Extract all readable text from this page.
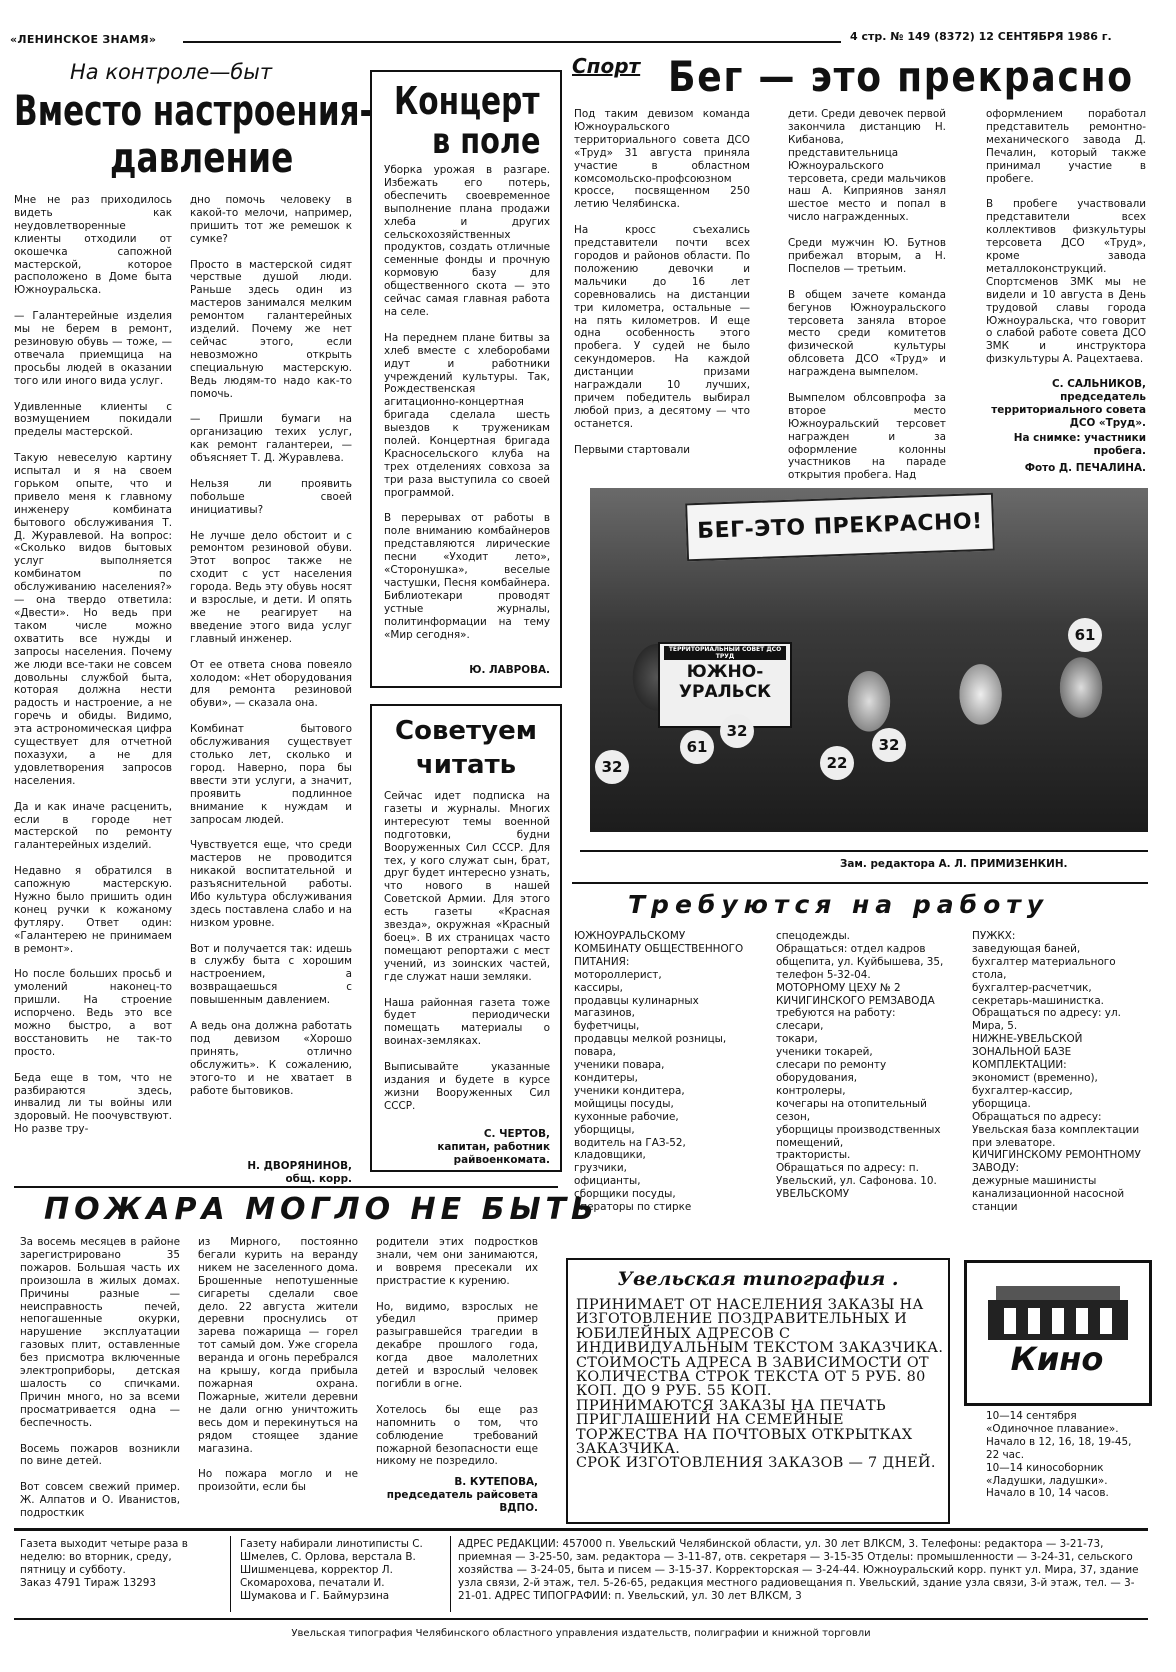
«ЛЕНИНСКОЕ ЗНАМЯ»	4 стр. № 149 (8372) 12 СЕНТЯБРЯ 1986 г.
На контроле—быт
Вместо настроения-
давление
Мне не раз приходилось видеть как неудовлетворенные клиенты отходили от окошечка сапожной мастерской, которое расположено в Доме быта Южноуральска.

— Галантерейные изделия мы не берем в ремонт, резиновую обувь — тоже, — отвечала приемщица на просьбы людей в оказании того или иного вида услуг.

Удивленные клиенты с возмущением покидали пределы мастерской.

Такую невеселую картину испытал и я на своем горьком опыте, что и привело меня к главному инженеру комбината бытового обслуживания Т. Д. Журавлевой. На вопрос: «Сколько видов бытовых услуг выполняется комбинатом по обслуживанию населения?» — она твердо ответила: «Двести». Но ведь при таком числе можно охватить все нужды и запросы населения. Почему же люди все-таки не совсем довольны службой быта, которая должна нести радость и настроение, а не горечь и обиды. Видимо, эта астрономическая цифра существует для отчетной похазухи, а не для удовлетворения запросов населения.

Да и как иначе расценить, если в городе нет мастерской по ремонту галантерейных изделий.

Недавно я обратился в сапожную мастерскую. Нужно было пришить один конец ручки к кожаному футляру. Ответ один: «Галантерею не принимаем в ремонт».

Но после больших просьб и умолений наконец-то пришли. На строение испорчено. Ведь это все можно быстро, а вот восстановить не так-то просто.

Беда еще в том, что не разбираются здесь, инвалид ли ты войны или здоровый. Не поочувствуют. Но разве тру-
дно помочь человеку в какой-то мелочи, например, пришить тот же ремешок к сумке?

Просто в мастерской сидят черствые душой люди. Раньше здесь один из мастеров занимался мелким ремонтом галантерейных изделий. Почему же нет сейчас этого, если невозможно открыть специальную мастерскую. Ведь людям-то надо как-то помочь.

— Пришли бумаги на организацию техих услуг, как ремонт галантереи, — объясняет Т. Д. Журавлева.

Нельзя ли проявить побольше своей инициативы?

Не лучше дело обстоит и с ремонтом резиновой обуви. Этот вопрос также не сходит с уст населения города. Ведь эту обувь носят и взрослые, и дети. И опять же не реагирует на введение этого вида услуг главный инженер.

От ее ответа снова повеяло холодом: «Нет оборудования для ремонта резиновой обуви», — сказала она.

Комбинат бытового обслуживания существует столько лет, сколько и город. Наверно, пора бы ввести эти услуги, а значит, проявить подлинное внимание к нуждам и запросам людей.

Чувствуется еще, что среди мастеров не проводится никакой воспитательной и разъяснительной работы. Ибо культура обслуживания здесь поставлена слабо и на низком уровне.

Вот и получается так: идешь в службу быта с хорошим настроением, а возвращаешься с повышенным давлением.

А ведь она должна работать под девизом «Хорошо принять, отлично обслужить». К сожалению, этого-то и не хватает в работе бытовиков.
Н. ДВОРЯНИНОВ,
общ. корр.
Концерт
в поле
Уборка урожая в разгаре. Избежать его потерь, обеспечить своевременное выполнение плана продажи хлеба и других сельскохозяйственных продуктов, создать отличные семенные фонды и прочную кормовую базу для общественного скота — это сейчас самая главная работа на селе.

На переднем плане битвы за хлеб вместе с хлеборобами идут и работники учреждений культуры. Так, Рождественская агитационно-концертная бригада сделала шесть выездов к труженикам полей. Концертная бригада Красносельского клуба на трех отделениях совхоза за три раза выступила со своей программой.

В перерывах от работы в поле вниманию комбайнеров представляются лирические песни «Уходит лето», «Сторонушка», веселые частушки, Песня комбайнера. Библиотекари проводят устные журналы, политинформации на тему «Мир сегодня».
Ю. ЛАВРОВА.
Советуем
читать
Сейчас идет подписка на газеты и журналы. Многих интересуют темы военной подготовки, будни Вооруженных Сил СССР. Для тех, у кого служат сын, брат, друг будет интересно узнать, что нового в нашей Советской Армии. Для этого есть газеты «Красная звезда», окружная «Красный боец». В их страницах часто помещают репортажи с мест учений, из зоинских частей, где служат наши земляки.

Наша районная газета тоже будет периодически помещать материалы о воинах-земляках.

Выписывайте указанные издания и будете в курсе жизни Вооруженных Сил СССР.
С. ЧЕРТОВ,
капитан, работник райвоенкомата.
Спорт Бег — это прекрасно
Под таким девизом команда Южноуральского территориального совета ДСО «Труд» 31 августа приняла участие в областном комсомольско-профсоюзном кроссе, посвященном 250 летию Челябинска.

На кросс съехались представители почти всех городов и районов области. По положению девочки и мальчики до 16 лет соревновались на дистанции три километра, остальные — на пять километров. И еще одна особенность этого пробега. У судей не было секундомеров. На каждой дистанции призами награждали 10 лучших, причем победитель выбирал любой приз, а десятому — что останется.

Первыми стартовали
дети. Среди девочек первой закончила дистанцию Н. Кибанова, представительница Южноуральского терсовета, среди мальчиков наш А. Киприянов занял шестое место и попал в число награжденных.

Среди мужчин Ю. Бутнов прибежал вторым, а Н. Поспелов — третьим.

В общем зачете команда бегунов Южноуральского терсовета заняла второе место среди комитетов физической культуры облсовета ДСО «Труд» и награждена вымпелом.

Вымпелом облсовпрофа за второе место Южноуральский терсовет награжден и за оформление колонны участников на параде открытия пробега. Над
оформлением поработал представитель ремонтно-механического завода Д. Печалин, который также принимал участие в пробеге.

В пробеге участвовали представители всех коллективов физкультуры терсовета ДСО «Труд», кроме завода металлоконструкций. Спортсменов ЗМК мы не видели и 10 августа в День трудовой славы города Южноуральска, что говорит о слабой работе совета ДСО ЗМК и инструктора физкультуры А. Рацехтаева.
С. САЛЬНИКОВ,
председатель территориального совета ДСО «Труд».
На снимке: участники пробега.
Фото Д. ПЕЧАЛИНА.
БЕГ-ЭТО ПРЕКРАСНО!
ТЕРРИТОРИАЛЬНЫЙ СОВЕТ ДСО ТРУД
ЮЖНО-
УРАЛЬСК
61
32
32
22
32
61
Зам. редактора А. Л. ПРИМИЗЕНКИН.
Требуются на работу
ЮЖНОУРАЛЬСКОМУ КОМБИНАТУ ОБЩЕСТВЕННОГО ПИТАНИЯ:
мотороллерист,
кассиры,
продавцы кулинарных магазинов,
буфетчицы,
продавцы мелкой розницы,
повара,
ученики повара,
кондитеры,
ученики кондитера,
мойщицы посуды,
кухонные рабочие,
уборщицы,
водитель на ГАЗ-52,
кладовщики,
грузчики,
официанты,
сборщики посуды,
операторы по стирке
спецодежды.
Обращаться: отдел кадров общепита, ул. Куйбышева, 35, телефон 5-32-04.
МОТОРНОМУ ЦЕХУ № 2 КИЧИГИНСКОГО РЕМЗАВОДА
требуются на работу:
слесари,
токари,
ученики токарей,
слесари по ремонту оборудования,
контролеры,
кочегары на отопительный сезон,
уборщицы производственных помещений,
трактористы.
Обращаться по адресу: п. Увельский, ул. Сафонова. 10.
УВЕЛЬСКОМУ
ПУЖКХ:
заведующая баней,
бухгалтер материального стола,
бухгалтер-расчетчик,
секретарь-машинистка.
Обращаться по адресу: ул. Мира, 5.
НИЖНЕ-УВЕЛЬСКОЙ ЗОНАЛЬНОЙ БАЗЕ КОМПЛЕКТАЦИИ:
экономист (временно),
бухгалтер-кассир,
уборщица.
Обращаться по адресу: Увельская база комплектации при элеваторе.
КИЧИГИНСКОМУ РЕМОНТНОМУ ЗАВОДУ:
дежурные машинисты канализационной насосной станции
ПОЖАРА МОГЛО НЕ БЫТЬ
За восемь месяцев в районе зарегистрировано 35 пожаров. Большая часть их произошла в жилых домах. Причины разные — неисправность печей, непогашенные окурки, нарушение эксплуатации газовых плит, оставленные без присмотра включенные электроприборы, детская шалость со спичками. Причин много, но за всеми просматривается одна — беспечность.

Восемь пожаров возникли по вине детей.

Вот совсем свежий пример. Ж. Алпатов и О. Иванистов, подросткик
из Мирного, постоянно бегали курить на веранду никем не заселенного дома. Брошенные непотушенные сигареты сделали свое дело. 22 августа жители деревни проснулись от зарева пожарища — горел тот самый дом. Уже сгорела веранда и огонь перебрался на крышу, когда прибыла пожарная охрана. Пожарные, жители деревни не дали огню уничтожить весь дом и перекинуться на рядом стоящее здание магазина.

Но пожара могло и не произойти, если бы
родители этих подростков знали, чем они занимаются, и вовремя пресекали их пристрастие к курению.

Но, видимо, взрослых не убедил пример разыгравшейся трагедии в декабре прошлого года, когда двое малолетних детей и взрослый человек погибли в огне.

Хотелось бы еще раз напомнить о том, что соблюдение требований пожарной безопасности еще никому не позредило.
В. КУТЕПОВА,
председатель райсовета ВДПО.
Увельская типография .
ПРИНИМАЕТ ОТ НАСЕЛЕНИЯ ЗАКАЗЫ НА ИЗГОТОВЛЕНИЕ ПОЗДРАВИТЕЛЬНЫХ И ЮБИЛЕЙНЫХ АДРЕСОВ С ИНДИВИДУАЛЬНЫМ ТЕКСТОМ ЗАКАЗЧИКА.
СТОИМОСТЬ АДРЕСА В ЗАВИСИМОСТИ ОТ КОЛИЧЕСТВА СТРОК ТЕКСТА ОТ 5 РУБ. 80 КОП. ДО 9 РУБ. 55 КОП.
ПРИНИМАЮТСЯ ЗАКАЗЫ НА ПЕЧАТЬ ПРИГЛАШЕНИЙ НА СЕМЕЙНЫЕ ТОРЖЕСТВА НА ПОЧТОВЫХ ОТКРЫТКАХ ЗАКАЗЧИКА.
СРОК ИЗГОТОВЛЕНИЯ ЗАКАЗОВ — 7 ДНЕЙ.
Кино
10—14 сентября «Одиночное плавание». Начало в 12, 16, 18, 19-45, 22 час.
10—14 кинособорник «Ладушки, ладушки». Начало в 10, 14 часов.
Газета выходит четыре раза в неделю: во вторник, среду, пятницу и субботу.
Заказ 4791 Тираж 13293
Газету набирали линотиписты С. Шмелев, С. Орлова, верстала В. Шишменцева, корректор Л. Скомарохова, печатали И. Шумакова и Г. Баймурзина
АДРЕС РЕДАКЦИИ: 457000 п. Увельский Челябинской области, ул. 30 лет ВЛКСМ, 3. Телефоны: редактора — 3-21-73, приемная — 3-25-50, зам. редактора — 3-11-87, отв. секретаря — 3-15-35 Отделы: промышленности — 3-24-31, сельского хозяйства — 3-24-05, быта и писем — 3-15-37. Корректорская — 3-24-44. Южноуральский корр. пункт ул. Мира, 37, здание узла связи, 2-й этаж, тел. 5-26-65, редакция местного радиовещания п. Увельский, здание узла связи, 3-й этаж, тел. — 3-21-01. АДРЕС ТИПОГРАФИИ: п. Увельский, ул. 30 лет ВЛКСМ, 3
Увельская типография Челябинского областного управления издательств, полиграфии и книжной торговли
